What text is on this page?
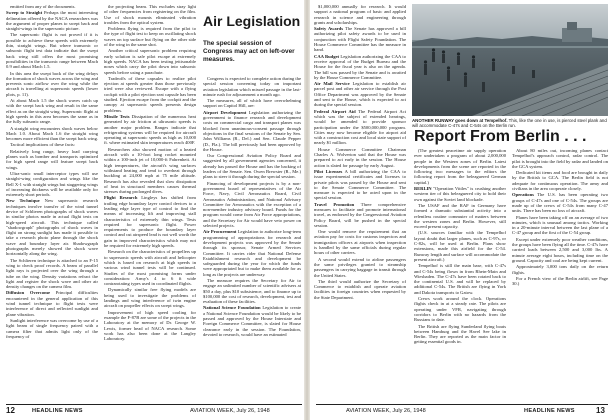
emitted from any of the documents.

Sweep to Straight Perhaps the most interesting delineation offered by the NACA researchers was the argument of proper planes to swept back and straight-wings in the supersonic picture.

The supersonic flight is not proved if it is possible to achieve these speeds with extremely thin, straight wings. But where transonic or subsonic flight test data indicate that the swept back wing still offers the most promising possibilities in the transonic range between Mach 0.9 and about Mach 1.5.

In this area the swept back of the wing delays the formation of shock waves across the wing and prevents sonic airflow over the wing while the aircraft is travelling at supersonic speeds (lower plots, p. 11).

At about Mach 1.5 the shock waves catch up with the swept back wing and result in the same effect as on the straight wing. Supersonic flight at high speeds in this area becomes the same as in the fully subsonic range.

A straight wing encounters shock waves below Mach 1.0. About Mach 1.6 the straight wing becomes more efficient than the swept back wing.

Tactical implications of these facts:

Relatively long range, heavy load carrying planes such as bomber and transports optimized for high speed range will feature swept back wings.

Ultra-sonic small interceptor types will use straight-wing configuration and wings like the Bell X-1 with straight wings but staggering wings of increasing thickness will be available only for extremely short periods.

New Technique New supersonic research techniques involve transfer of the wind tunnel device of Schlieren photographs of shock waves in similar photos made in actual flight tests on high-speed aircraft. This technique called "shadowgraph" photographs of shock waves in flight on strong sunlight has made it possible to take a research photo plane through the shock wave and boundary layer air. Shadowgraph photographs merely showed the shock wave horizontally along the wing.

The Schlieren technique is attached to an F-15 wing to check proof records. A beam of parallel light rays is projected over the wing through a tube on the wing. Density variations refract the light and register the shock wave and other air density changes on the camera film.

Diffusion Overcome Principal difficulties encountered in the general application of this wind tunnel technique to flight tests were interference of direct and reflected sunlight and plane vibration.

Sunlight interference was overcome by use of a light beam of single frequency paired with a camera filter that admits light only of the frequency of

the projecting beam. This excludes stray light of other frequencies from registering on the film. Use of shock mounts eliminated vibration troubles from the optical system.

Problems flying is required from the pilot to the type of flight test to keep on oscillating shock waves on top surface but flying on the other side of the wing in the same shot.

Another critical supersonic problem requiring early solution is safe pilot escape at extremely high speeds. NACA has been testing jettisonable noses which carry the pilot down into subsonic speeds before using a parachute.

Tradeoffs of these capsules to realize pilot ejection at speeds greater than those previously tried were also reviewed. Escape with a flying cockpit with a pilot ejection seat capsule has been studied. Ejection escape from the cockpit and the canopy at supersonic speeds presents design problems.

Missile Tests Dissipation of the numerous heat generated by air friction at ultrasonic speeds is another major problem. Ranges indicate that refrigerating systems will be required for aircraft operating at supersonic speeds as high as 10,000 ft. where estimated skin temperatures reach 400F.

Researchers also showed motion of a heated aircraft with a 10-foot long rocket mounted within a 100-inch jet of 10,000-ft Fahrenheit. At high temperatures, the aircraft's wing surfaces withstand heating and tend to overheat through buckling at 24,000 mph at 75 mile altitude. Research has also revealed that slow dissipation of heat in structural members causes thermal stresses during prolonged dives.

Flight Research Lingleys has shifted from trailing edge boundary layer control devices to a leading edge layer type of control to find the means of increasing lift and improving stall characteristics of extremely thin wings. Tests required for supersonic flight. Power requirements to produce the boundary layer control and cut airspeed lead is not well worth the gain in improved characteristics which may not be required for extremely high speeds.

Research on the characteristics of propellers up to supersonic speeds with aircraft and helicopter which is based on research at high speeds in various wind tunnel tests will be continued. Studies of the most promising forms under consideration: Army's 4 to 6 ft wide contrarotating types used in coordinated flights.

Dynamically similar free flying models are being used to investigate the problems of landings and wing interference of twin engine aircraft on propeller effects on swept wings.

Improvement of high speed cooling for example the F-87B are some of the projects in the Laboratory at the memory of Dr. George W. Lewis, former head of NACA research. Some work has also been done at the Langley Laboratory.

Air Legislation
The special session of Congress may act on left-over measures.

Congress is expected to complete action during the special session convening today on important aviation legislation which missed passage in the last-minute rush for adjournment a month ago.

The measures, all of which have overwhelming support on Capitol Hill, are:

Airport Development Legislation authorizing the government to finance research and development costs on commercial cargo and transport planes was blocked from unanimous-consent passage through objections in the final sessions of the Senate by Sen. John Williams (R., Del.) and Sen. Claude Pepper (D., Fla.). The bill previously had been approved by the House.

Our Congressional Aviation Policy Board and suggested by all government agencies concerned, it already has passed the House and has the backing of leaders of the Senate. Sen. Owen Brewster (R., Me.) plans to steer it through during the special session.

Financing of development projects is by a non-government board of representatives of the Air Force, Navy, Civil Aeronautics Board, Civil Aeronautics Administration, and National Advisory Committee for Aeronautics with the exception of a non-member industry advisory board. Funds for the program would come from Air Force appropriations, and the Secretary for Air would have veto power on selected projects.

Air Procurement Legislation to authorize long-term programming of appropriations for research and development projects was approved by the Senate through its sponsor, Senate Armed Services Committee. It carries rider that National Defense Establishment research and development be safeguarded during the year for which the funds were appropriated but to make them available for as long as the projects are underway.

The measure requires the Secretary for Air to engage an unlimited number of scientific advisers at $50 a day, plus $10 subsistence, and to finance up to $100,000 the cost of research, development, test and evaluation of these facilities.

National Science Foundation Legislation to create a National Science Foundation would be likely to be passed and approved by the House Interstate and Foreign Commerce Committee, is slated for House clearance early in the session. The Foundation, devoted to research, would have an estimated

$1,000,000 annually for research. It would support a national program of basic and applied research in science and engineering through grants and scholarships.

Safety Awards The Senate has approved a bill authorizing pilot safety awards to be used in conjunction with Flight Safety Foundation. The House Commerce Committee has the measure in hand.

CAA Budget Legislation authorizing the CAA to receive approval of the Budget Bureau and the House for the fiscal year is also on the agenda. The bill was passed by the Senate and is awaited by the House Commerce Committee.

Air Mail Service Legislation to establish air parcel post and other air service through the Post Office Department was approved by the Senate and sent to the House, which is expected to act during the special session.

Federal Airport Aid The Federal Airport Act which was the subject of extended hearings, would be amended to provide sponsor participation under the $500,000,000 program. Cities may now become eligible for airport aid with a construction cost and local state support of nearly $1 million.

House Commerce Committee Chairman Charles A. Wolverton said that the House was prepared to act early in the session. The House action is slated for passage by early August.

Pilot Licenses A bill authorizing the CAA to issue experimental certificates and licenses to private pilots was passed by the House and sent to the Senate Commerce Committee. The measure is expected to be acted upon in the special session.

Travel Promotion Three comprehensive measures to facilitate and promote international travel, as endorsed by the Congressional Aviation Policy Board, will be pushed in the special session.

One would remove the requirement that an aviation pay for costs for customs inspectors and immigration officers at airports when inspection is handled by the same officials during regular hours of other carriers.

A second would extend to airline passengers the same privileges granted to steamship passengers in carrying baggage in transit through the United States.

The third would authorize the Secretary of Commerce to establish and operate aviation facilities in foreign countries when requested by the State Department.

ANOTHER RUNWAY goes down at Tempelhof. This, like the one in use, is pierced steel plank and will accommodate C-47s and C-54s on the Berlin run.
Report From Berlin . . .

(The greatest peacetime air supply operation ever undertaken a program of about 2,000,000 people in the Western zones of Berlin. Latest developments from the scene are reported in the following two messages to the editors the following report from the beleaguered German capital.)

BERLIN "Operation Vittles" is crushing another western tier of this beleaguered city to hold their own against the Soviet land blockade.

The USAF and the RAF in Germany have formed a dramatic substantial activity into a relentless routine commuter of matters between the western zones and Berlin. However, still exceed present capacity.

(U.S. sources familiar with the Tempelhof layout doubt that larger planes, such as C-97s, or C-82s, will be used at Berlin. Plans show extensions, made this airfield for the C-54. Runway length and surface will accommodate the present aircraft.)

Tempelhof is still the main base, with C-47s and C-54s being flown in from Rhein-Main and Wiesbaden. The C-47s have been rotated back to the continental U.S. and will be replaced by additional C-54s. The British are flying in York and Dakota transports to Gatow.

Crews work around the clock. Operations flights check in at a steady rate. The pilots are operating under VFR, navigating through corridors to Berlin with no hazards from the Russians to date.

The British are flying Sunderland flying boats between Hamburg and the Havel See lake in Berlin. They are reported as the main factor in getting essential goods in.

About 80 miles out, incoming planes contact Tempelhof's approach control, radar control. The pilot is brought into the field by radar and landed on the GCA system.

Dedicated kit items and food are brought in daily by the British to GCA. The Berlin field is not adequate for continuous operation. The army and civilians in the area cooperate closely.

Operations The U.S. has been operating two groups of C-47s and one of C-54s. The groups are made up of the crews of C-54s from many C-47 units. There has been no loss of aircraft.

Planes have been taking off on an average of two minutes, which is unusual among tactics. Working in a 20-minute interval between the last plane of a C-47 group and the first of the C-54 group.

Except under extremely poor weather conditions, the groups have been flying all the time. C-47s have carried loads between 2,500 and 3,000 lbs. A minute average eight hours, including time on the ground. Capacity and coal are being kept current.

Approximately 3,000 tons daily on the return flights.

For a French view of the Berlin airlift, see Page 30.)

12	HEADLINE NEWS	AVIATION WEEK, July 26, 1948	AVIATION WEEK, July 26, 1948	HEADLINE NEWS	13
